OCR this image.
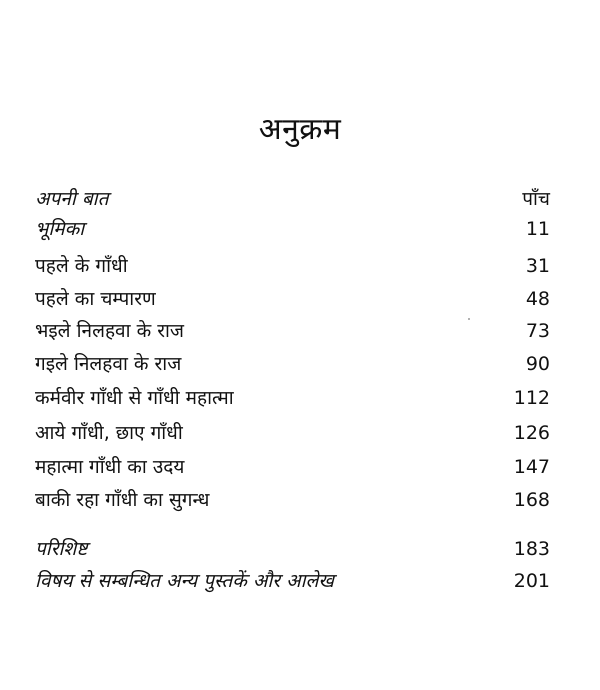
अनुक्रम
अपनी बात	पाँच
भूमिका	11
पहले के गाँधी	31
पहले का चम्पारण	48
भइले निलहवा के राज	73
गइले निलहवा के राज	90
कर्मवीर गाँधी से गाँधी महात्मा	112
आये गाँधी, छाए गाँधी	126
महात्मा गाँधी का उदय	147
बाकी रहा गाँधी का सुगन्ध	168
परिशिष्ट	183
विषय से सम्बन्धित अन्य पुस्तकें और आलेख	201
